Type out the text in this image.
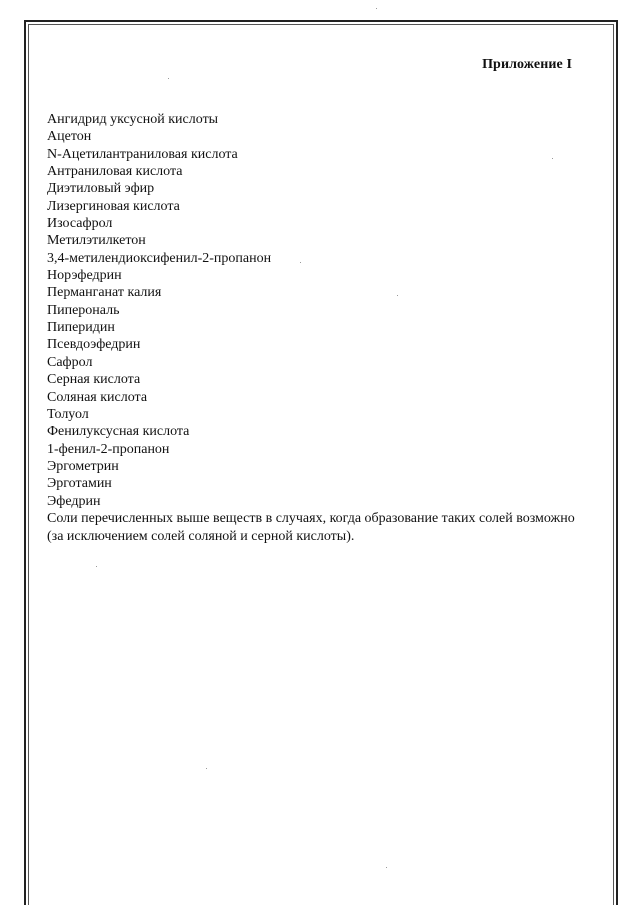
Приложение I
Ангидрид уксусной кислоты
Ацетон
N-Ацетилантраниловая кислота
Антраниловая кислота
Диэтиловый эфир
Лизергиновая кислота
Изосафрол
Метилэтилкетон
3,4-метилендиоксифенил-2-пропанон
Норэфедрин
Перманганат калия
Пиперональ
Пиперидин
Псевдоэфедрин
Сафрол
Серная кислота
Соляная кислота
Толуол
Фенилуксусная кислота
1-фенил-2-пропанон
Эргометрин
Эрготамин
Эфедрин

Соли перечисленных выше веществ в случаях, когда образование таких солей возможно (за исключением солей соляной и серной кислоты).
